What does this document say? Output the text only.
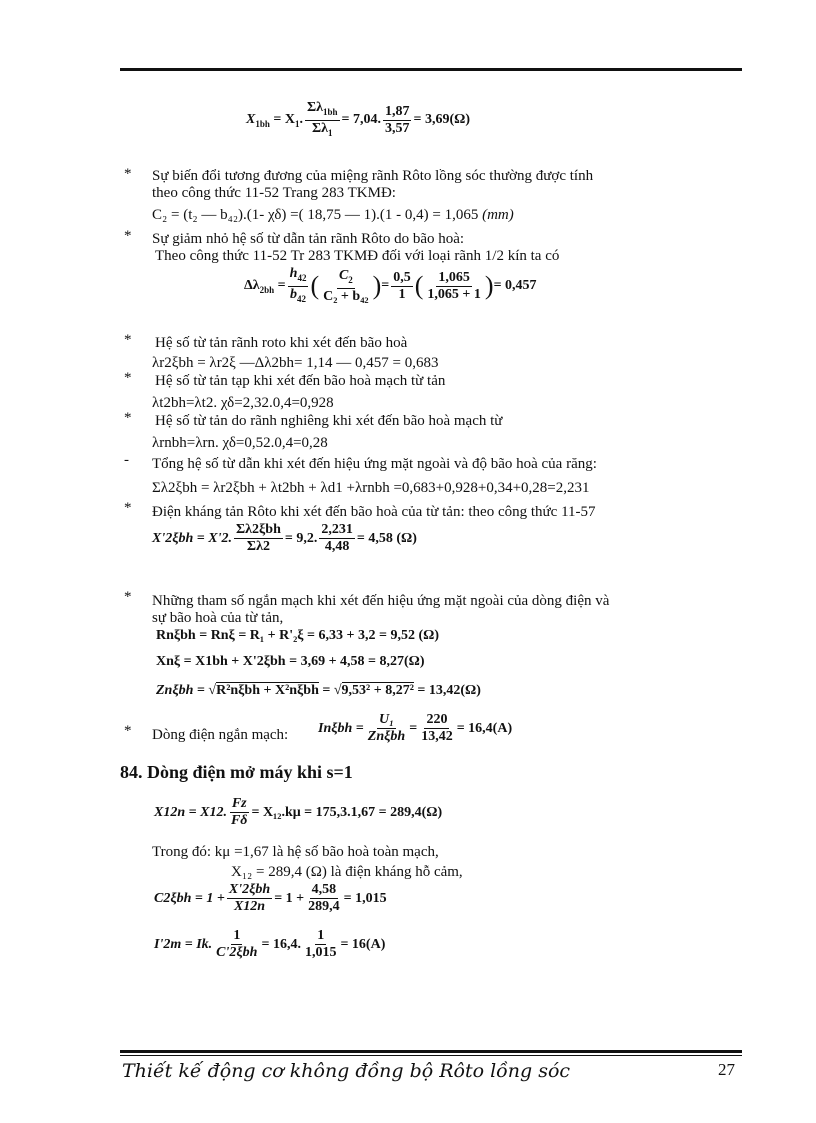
$X_{1bh} = X_1$. $\frac{\Sigma\lambda_{1bh}}{\Sigma\lambda_1} = 7,04$. $\frac{1,87}{3,57} = 3,69(\Omega)$
* Sự biến đổi tương đương của miệng rãnh Rôto lồng sóc thường được tính
theo công thức 11-52 Trang 283 TKMĐ:
C₂ = (t₂ — b₄₂).(1- χδ) =( 18,75 — 1).(1 - 0,4) = 1,065 (mm)
* Sự giảm nhỏ hệ số từ dẫn tản rãnh Rôto do bão hoà:
Theo công thức 11-52 Tr 283 TKMĐ đối với loại rãnh 1/2 kín ta có
$\Delta\lambda_{2bh} = \frac{h_{42}}{b_{42}}$ ( $\frac{C_2}{\text{C₂ + b₄₂}}$ ) = $\frac{0,5}{1}$ ( $\frac{1,065}{1,065 + 1}$ ) = 0,457
* Hệ số từ tản rãnh roto khi xét đến bão hoà
λr2ξbh = λr2ξ —Δλ2bh= 1,14 — 0,457 = 0,683
* Hệ số từ tản tạp khi xét đến bão hoà mạch từ tản
λt2bh=λt2. χδ=2,32.0,4=0,928
* Hệ số từ tản do rãnh nghiêng khi xét đến bão hoà mạch từ
λrnbh=λrn. χδ=0,52.0,4=0,28
- Tổng hệ số từ dẫn khi xét đến hiệu ứng mặt ngoài và độ bão hoà của răng:
Σλ2ξbh = λr2ξbh + λt2bh + λd1 +λrnbh =0,683+0,928+0,34+0,28=2,231
* Điện kháng tản Rôto khi xét đến bão hoà của từ tản: theo công thức 11-57
X'2ξbh = X'2. $\frac{\text{Σλ2ξbh}}{\Sigma\lambda 2} = 9,2$. $\frac{2,231}{4,48} = 4,58$ (Ω)
* Những tham số ngắn mạch khi xét đến hiệu ứng mặt ngoài của dòng điện và
sự bão hoà của từ tản,
Rnξbh = Rnξ = R₁ + R'₂ξ = 6,33 + 3,2 = 9,52 (Ω)
Xnξ = X1bh + X'2ξbh = 3,69 + 4,58 = 8,27(Ω)
Znξbh =
√ R²nξbh + X²nξbh
=
√ 9,53² + 8,27²
= 13,42(Ω)
* Dòng điện ngắn mạch: $In\xi bh = \frac{\text{U₁}}{\text{Znξbh}} = \frac{220}{13,42} = 16,4(A)$
84. Dòng điện mở máy khi s=1
X12n = X12. $\frac{Fz}{F\delta} = X_{12}.k\mu = 175,3.1,67 = 289,4(\Omega)$
Trong đó: kμ =1,67 là hệ số bão hoà toàn mạch,
X₁₂ = 289,4 (Ω) là điện kháng hỗ cảm,
$C2\xi bh = 1 + \frac{\text{X'2ξbh}}{X12n} = 1 + \frac{4,58}{289,4} = 1,015$
I'2m = Ik. $\frac{1}{\text{C'2ξbh}} = 16,4$. $\frac{1}{1,015} = 16(A)$
Thiết kế động cơ không đồng bộ Rôto lồng sóc	27
